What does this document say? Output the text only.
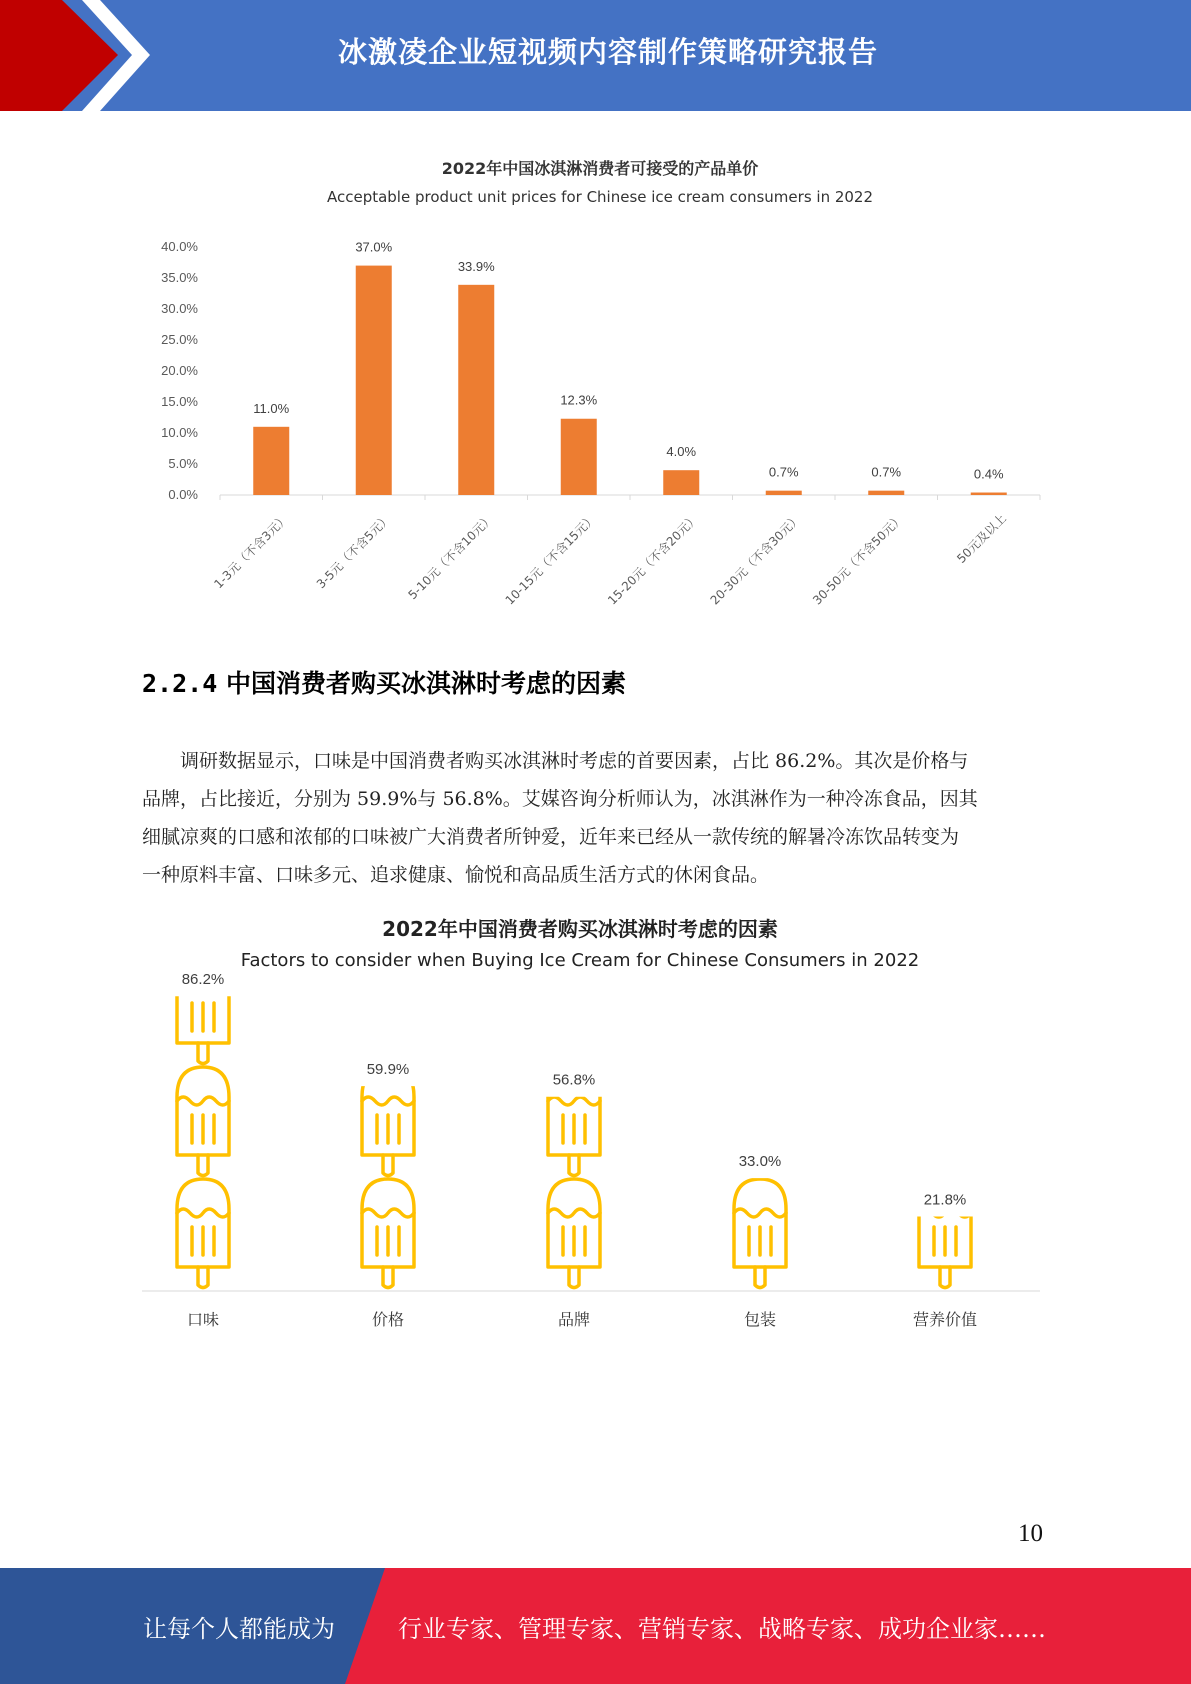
冰激凌企业短视频内容制作策略研究报告
0.0%
5.0%
10.0%
15.0%
20.0%
25.0%
30.0%
35.0%
40.0%
11.0%
1-3元（不含3元）
37.0%
3-5元（不含5元）
33.9%
5-10元（不含10元）
12.3%
10-15元（不含15元）
4.0%
15-20元（不含20元）
0.7%
20-30元（不含30元）
0.7%
30-50元（不含50元）
0.4%
50元及以上
2022年中国冰淇淋消费者可接受的产品单价
Acceptable product unit prices for Chinese ice cream consumers in 2022
2.2.4 中国消费者购买冰淇淋时考虑的因素
调研数据显示，口味是中国消费者购买冰淇淋时考虑的首要因素，占比 86.2%。其次是价格与
品牌，占比接近，分别为 59.9%与 56.8%。艾媒咨询分析师认为，冰淇淋作为一种冷冻食品，因其
细腻凉爽的口感和浓郁的口味被广大消费者所钟爱，近年来已经从一款传统的解暑冷冻饮品转变为
一种原料丰富、口味多元、追求健康、愉悦和高品质生活方式的休闲食品。
86.2%
口味
59.9%
价格
56.8%
品牌
33.0%
包装
21.8%
营养价值
2022年中国消费者购买冰淇淋时考虑的因素
Factors to consider when Buying Ice Cream for Chinese Consumers in 2022
10
让每个人都能成为	行业专家、管理专家、营销专家、战略专家、成功企业家……
